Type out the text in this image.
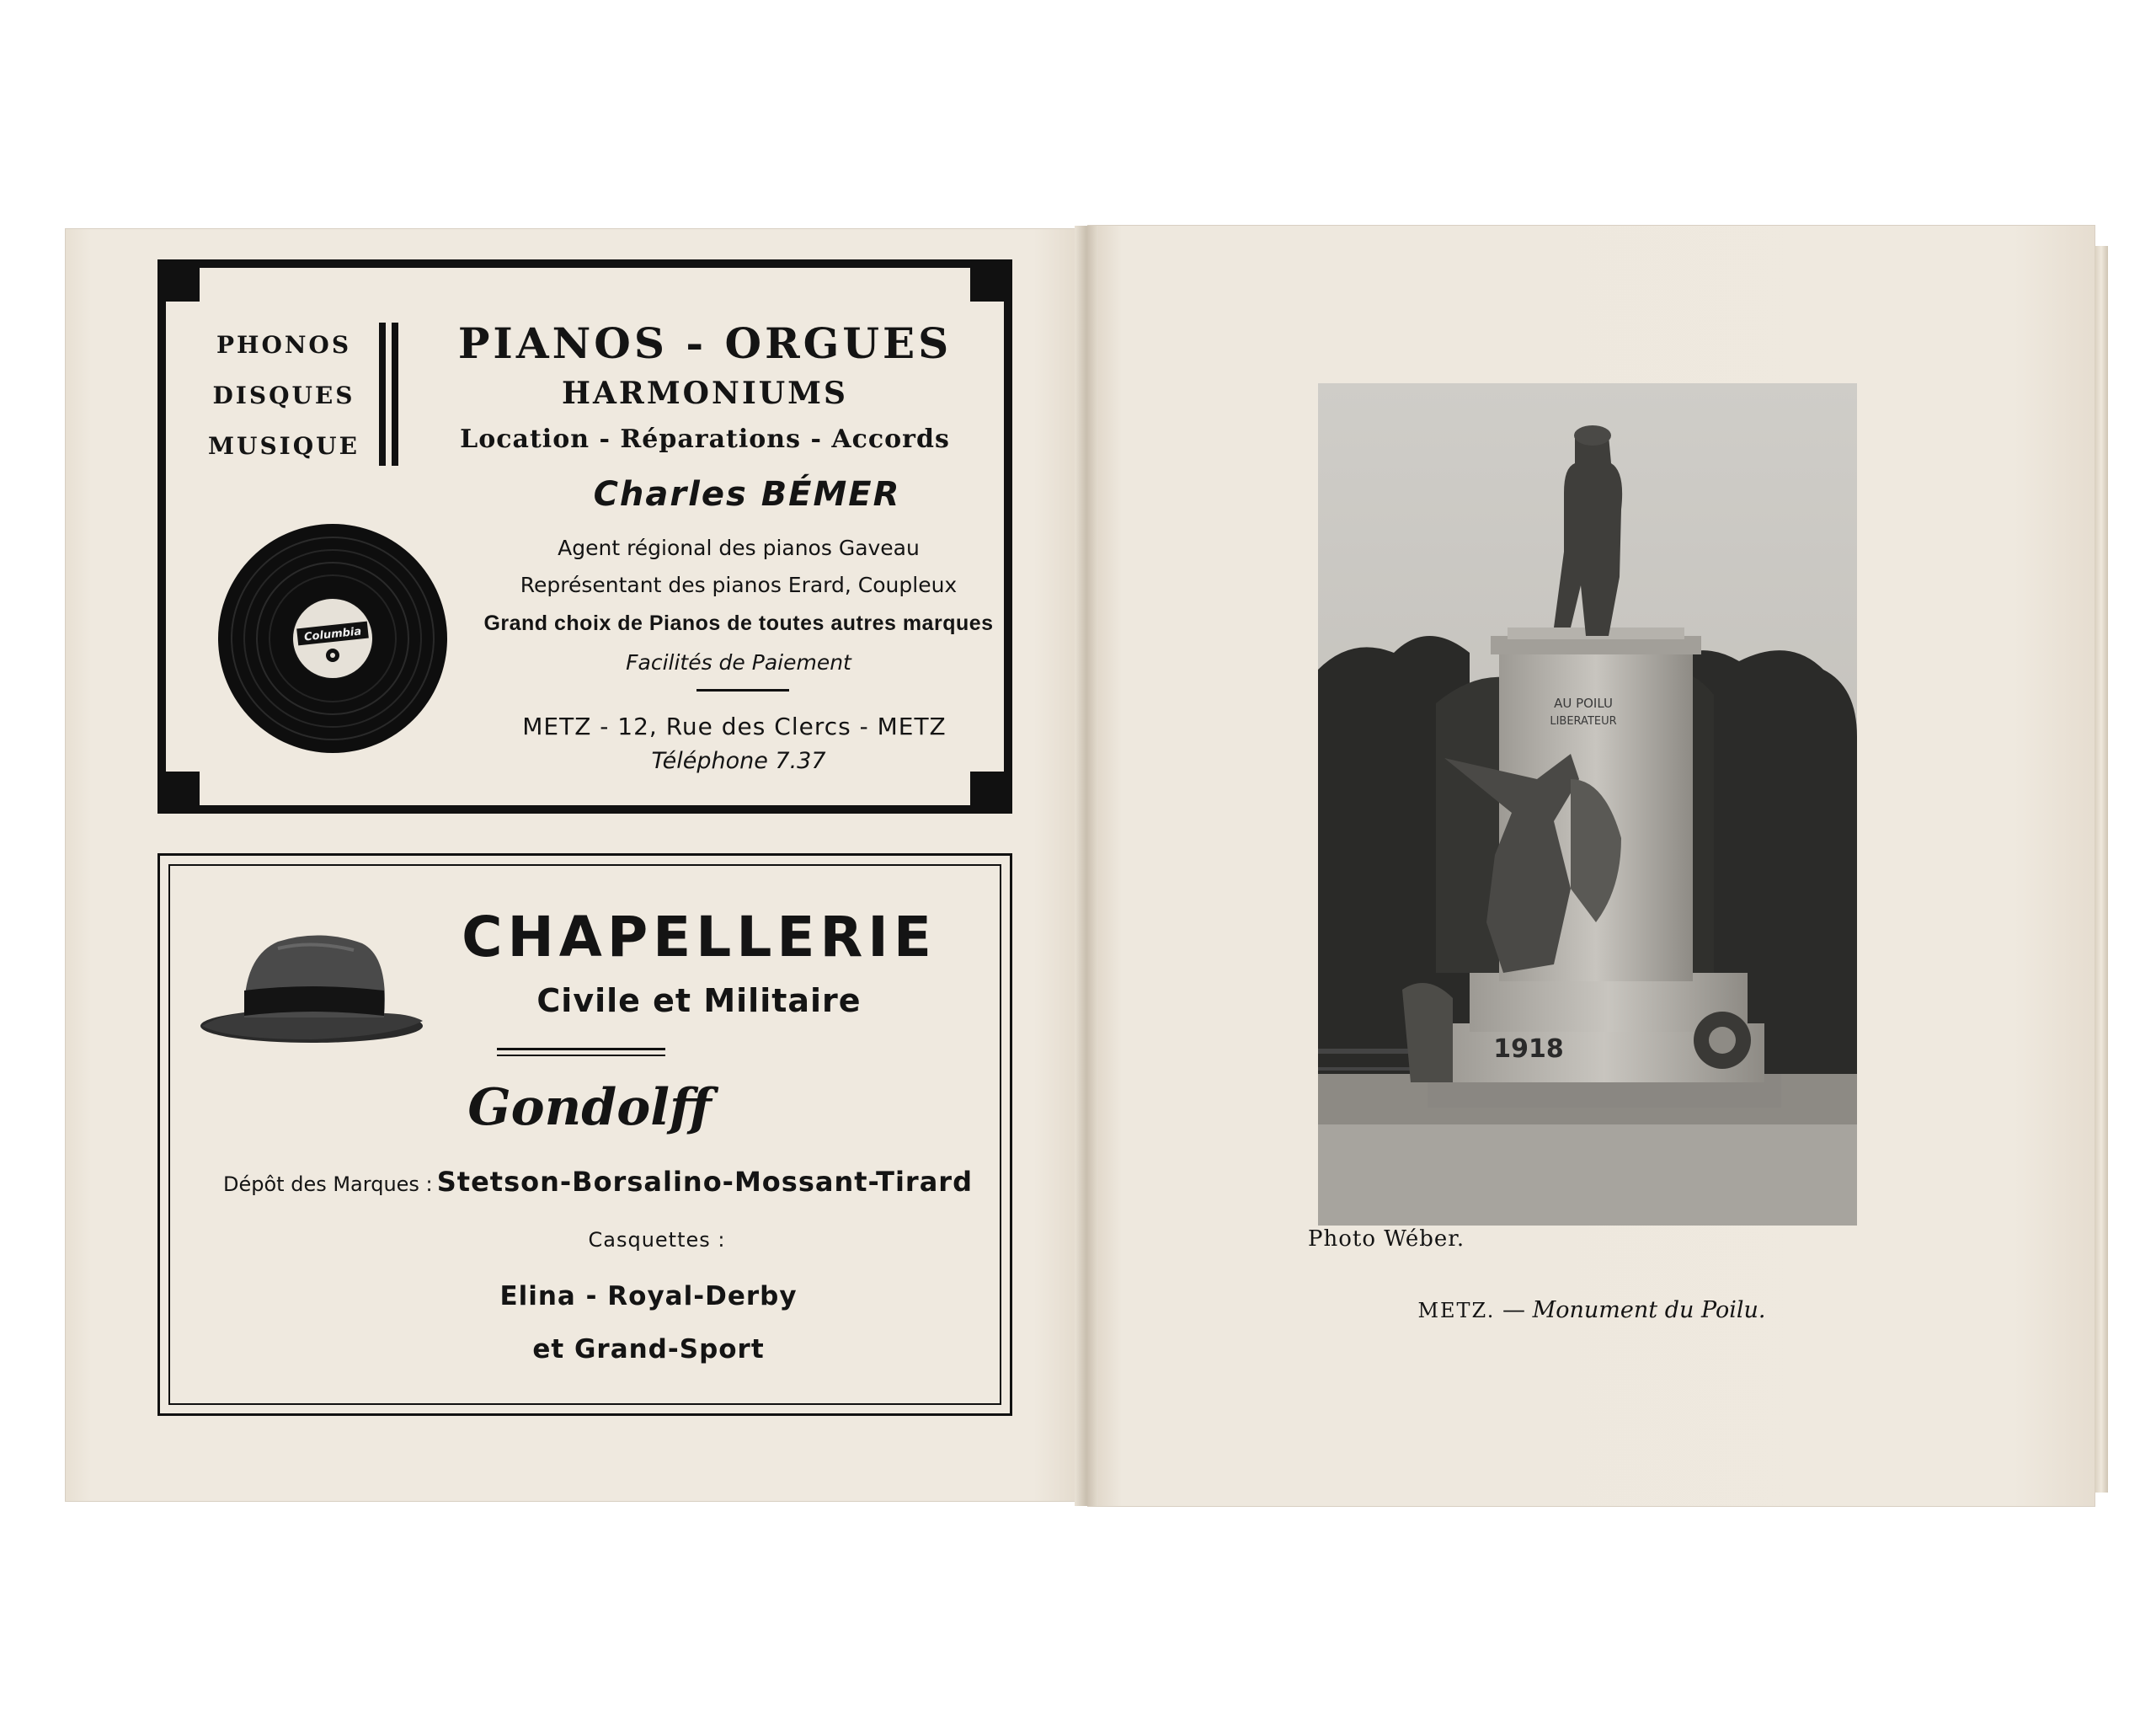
PHONOS
DISQUES
MUSIQUE
PIANOS - ORGUES
HARMONIUMS
Location - Réparations - Accords
Charles BÉMER
Agent régional des pianos Gaveau
Représentant des pianos Erard, Coupleux
Grand choix de Pianos de toutes autres marques
Facilités de Paiement
METZ - 12, Rue des Clercs - METZ
Téléphone 7.37
Columbia
CHAPELLERIE
Civile et Militaire
Gondolff
Dépôt des Marques : Stetson-Borsalino-Mossant-Tirard
Casquettes :
Elina - Royal-Derby
et Grand-Sport
AU POILU
LIBERATEUR
1918
Photo Wéber.
METZ. — Monument du Poilu.
